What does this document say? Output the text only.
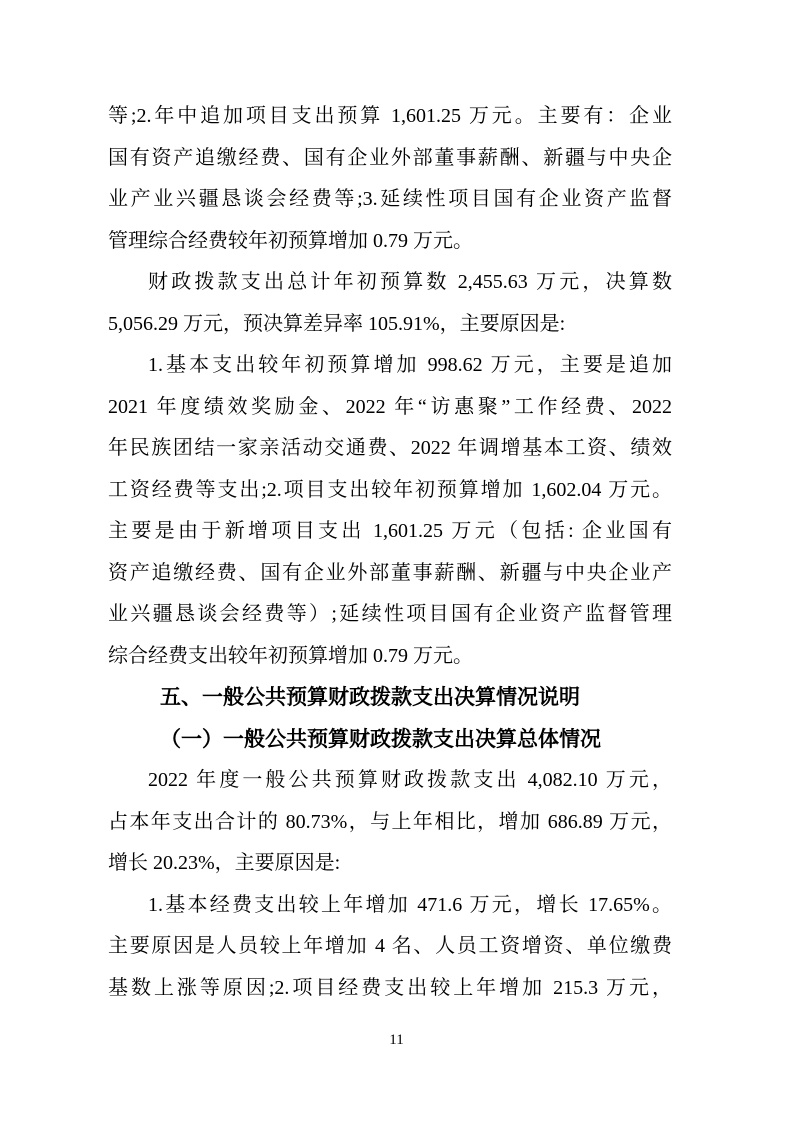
等;2.年中追加项目支出预算 1,601.25 万元。主要有：企业
国有资产追缴经费、国有企业外部董事薪酬、新疆与中央企
业产业兴疆恳谈会经费等;3.延续性项目国有企业资产监督
管理综合经费较年初预算增加 0.79 万元。
财政拨款支出总计年初预算数 2,455.63 万元，决算数
5,056.29 万元，预决算差异率 105.91%，主要原因是:
1.基本支出较年初预算增加 998.62 万元，主要是追加
2021 年度绩效奖励金、2022 年“访惠聚”工作经费、2022
年民族团结一家亲活动交通费、2022 年调增基本工资、绩效
工资经费等支出;2.项目支出较年初预算增加 1,602.04 万元。
主要是由于新增项目支出 1,601.25 万元（包括: 企业国有
资产追缴经费、国有企业外部董事薪酬、新疆与中央企业产
业兴疆恳谈会经费等）;延续性项目国有企业资产监督管理
综合经费支出较年初预算增加 0.79 万元。
五、一般公共预算财政拨款支出决算情况说明
（一）一般公共预算财政拨款支出决算总体情况
2022 年度一般公共预算财政拨款支出 4,082.10 万元，
占本年支出合计的 80.73%，与上年相比，增加 686.89 万元，
增长 20.23%，主要原因是:
1.基本经费支出较上年增加 471.6 万元，增长 17.65%。
主要原因是人员较上年增加 4 名、人员工资增资、单位缴费
基数上涨等原因;2.项目经费支出较上年增加 215.3 万元，
11
